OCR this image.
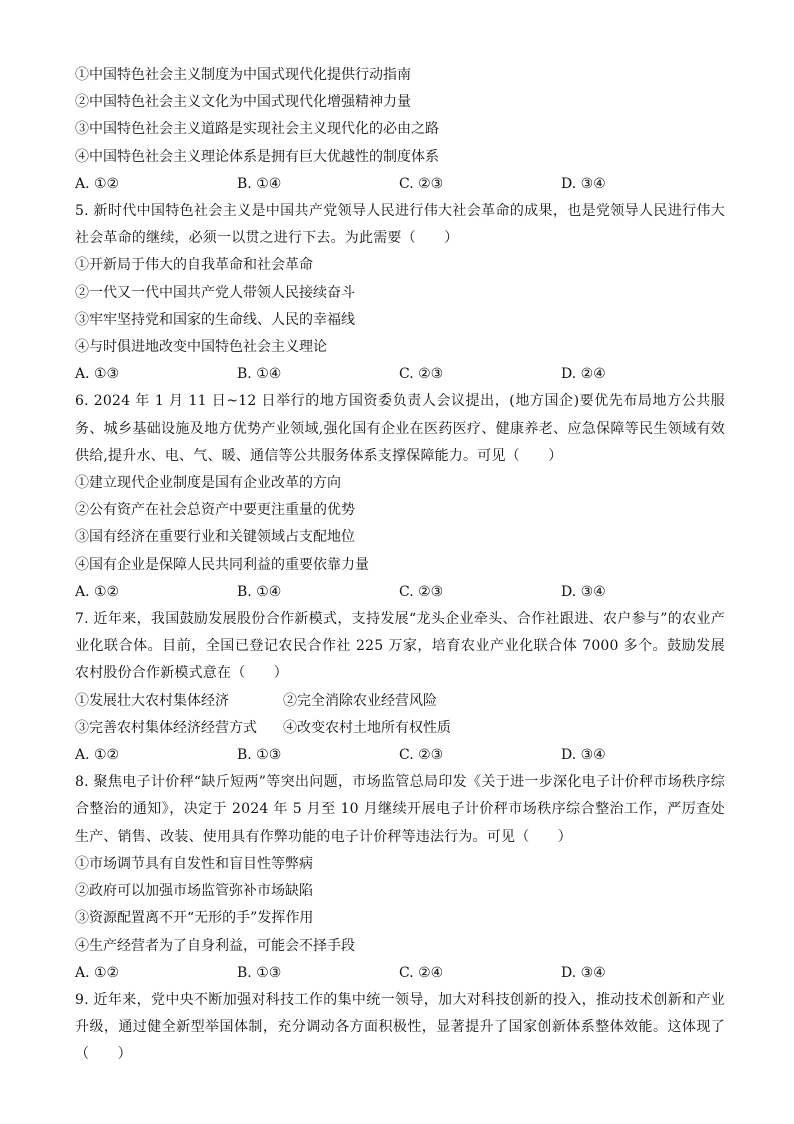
①中国特色社会主义制度为中国式现代化提供行动指南
②中国特色社会主义文化为中国式现代化增强精神力量
③中国特色社会主义道路是实现社会主义现代化的必由之路
④中国特色社会主义理论体系是拥有巨大优越性的制度体系
A. ①②	B. ①④	C. ②③	D. ③④
5. 新时代中国特色社会主义是中国共产党领导人民进行伟大社会革命的成果，也是党领导人民进行伟大社会革命的继续，必须一以贯之进行下去。为此需要（　　）
①开新局于伟大的自我革命和社会革命
②一代又一代中国共产党人带领人民接续奋斗
③牢牢坚持党和国家的生命线、人民的幸福线
④与时俱进地改变中国特色社会主义理论
A. ①③	B. ①④	C. ②③	D. ②④
6. 2024 年 1 月 11 日~12 日举行的地方国资委负责人会议提出，(地方国企)要优先布局地方公共服务、城乡基础设施及地方优势产业领域,强化国有企业在医药医疗、健康养老、应急保障等民生领域有效供给,提升水、电、气、暖、通信等公共服务体系支撑保障能力。可见（　　）
①建立现代企业制度是国有企业改革的方向
②公有资产在社会总资产中要更注重量的优势
③国有经济在重要行业和关键领域占支配地位
④国有企业是保障人民共同利益的重要依靠力量
A. ①②	B. ①④	C. ②③	D. ③④
7. 近年来，我国鼓励发展股份合作新模式，支持发展“龙头企业牵头、合作社跟进、农户参与”的农业产业化联合体。目前，全国已登记农民合作社 225 万家，培育农业产业化联合体 7000 多个。鼓励发展农村股份合作新模式意在（　　）
①发展壮大农村集体经济	②完全消除农业经营风险
③完善农村集体经济经营方式	④改变农村土地所有权性质
A. ①②	B. ①③	C. ②③	D. ③④
8. 聚焦电子计价秤“缺斤短两”等突出问题，市场监管总局印发《关于进一步深化电子计价秤市场秩序综合整治的通知》，决定于 2024 年 5 月至 10 月继续开展电子计价秤市场秩序综合整治工作，严厉查处生产、销售、改装、使用具有作弊功能的电子计价秤等违法行为。可见（　　）
①市场调节具有自发性和盲目性等弊病
②政府可以加强市场监管弥补市场缺陷
③资源配置离不开“无形的手”发挥作用
④生产经营者为了自身利益，可能会不择手段
A. ①②	B. ①③	C. ②④	D. ③④
9. 近年来，党中央不断加强对科技工作的集中统一领导，加大对科技创新的投入，推动技术创新和产业升级，通过健全新型举国体制，充分调动各方面积极性，显著提升了国家创新体系整体效能。这体现了（　　）
